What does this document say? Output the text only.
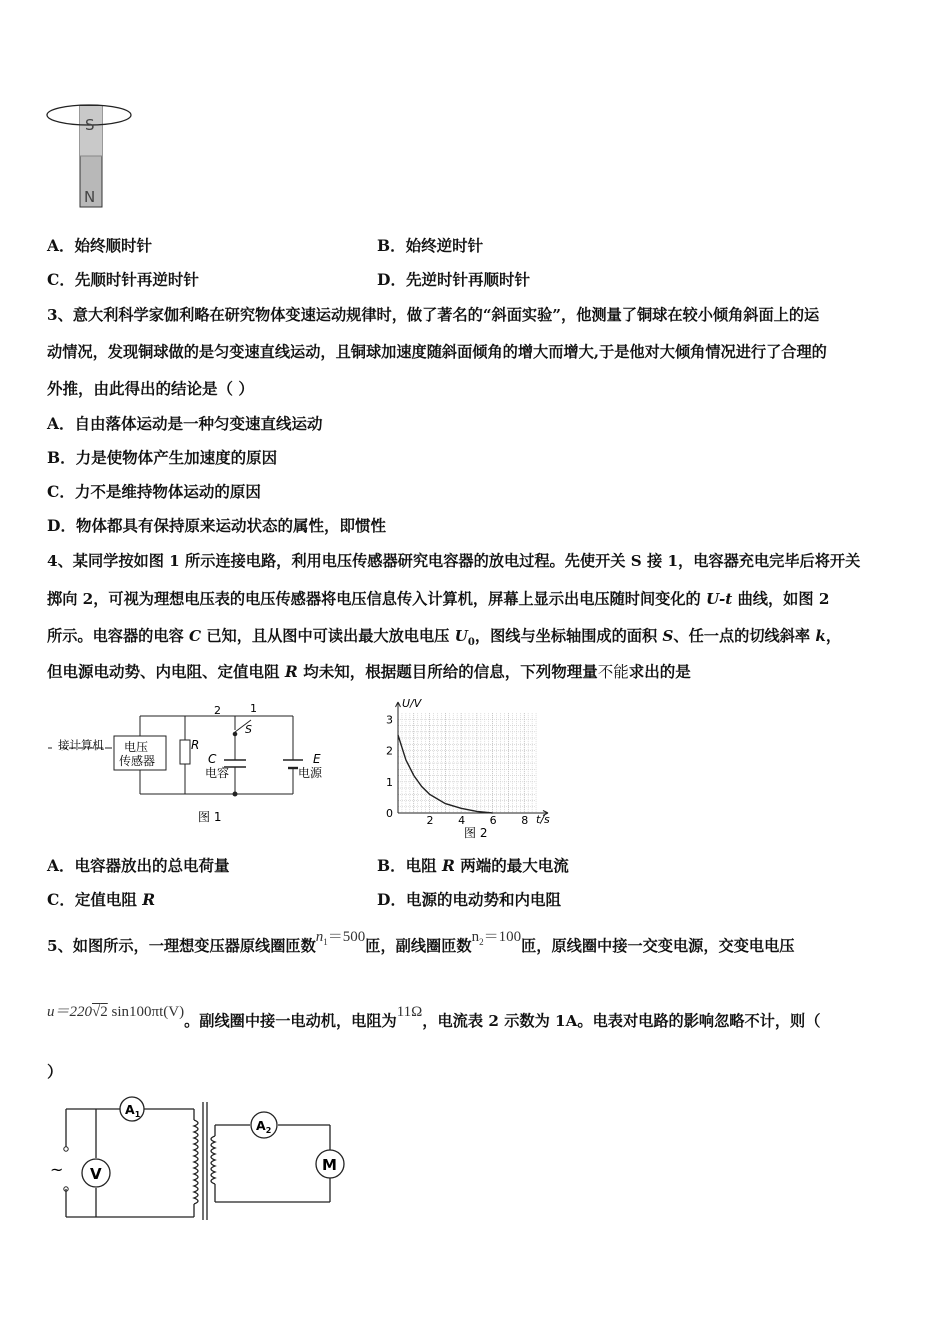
S
N
A．始终顺时针	B．始终逆时针
C．先顺时针再逆时针	D．先逆时针再顺时针
3、意大利科学家伽利略在研究物体变速运动规律时，做了著名的“斜面实验”，他测量了铜球在较小倾角斜面上的运
动情况，发现铜球做的是匀变速直线运动，且铜球加速度随斜面倾角的增大而增大,于是他对大倾角情况进行了合理的
外推，由此得出的结论是（ ）
A．自由落体运动是一种匀变速直线运动
B．力是使物体产生加速度的原因
C．力不是维持物体运动的原因
D．物体都具有保持原来运动状态的属性，即惯性
4、某同学按如图 1 所示连接电路，利用电压传感器研究电容器的放电过程。先使开关 S 接 1，电容器充电完毕后将开关
掷向 2，可视为理想电压表的电压传感器将电压信息传入计算机，屏幕上显示出电压随时间变化的 U-t 曲线，如图 2
所示。电容器的电容 C 已知，且从图中可读出最大放电电压 $U_0$，图线与坐标轴围成的面积 S、任一点的切线斜率 k，
但电源电动势、内电阻、定值电阻 R 均未知，根据题目所给的信息，下列物理量不能求出的是
接计算机 电压
传感器
2	1
S
R
C
电容
E
电源
图 1	2 4 6 8
0
1
2
3
U/V
t/s
图 2
A．电容器放出的总电荷量	B．电阻 R 两端的最大电流
C．定值电阻 R	D．电源的电动势和内电阻
5、如图所示，一理想变压器原线圈匝数$n_1=500$匝，副线圈匝数$n_2=100$匝，原线圈中接一交变电源，交变电电压
u＝220√2 sin100πt(V)。副线圈中接一电动机，电阻为11Ω，电流表 2 示数为 1A。电表对电路的影响忽略不计，则（
）
~
$A_1$
V
$A_2$
M
